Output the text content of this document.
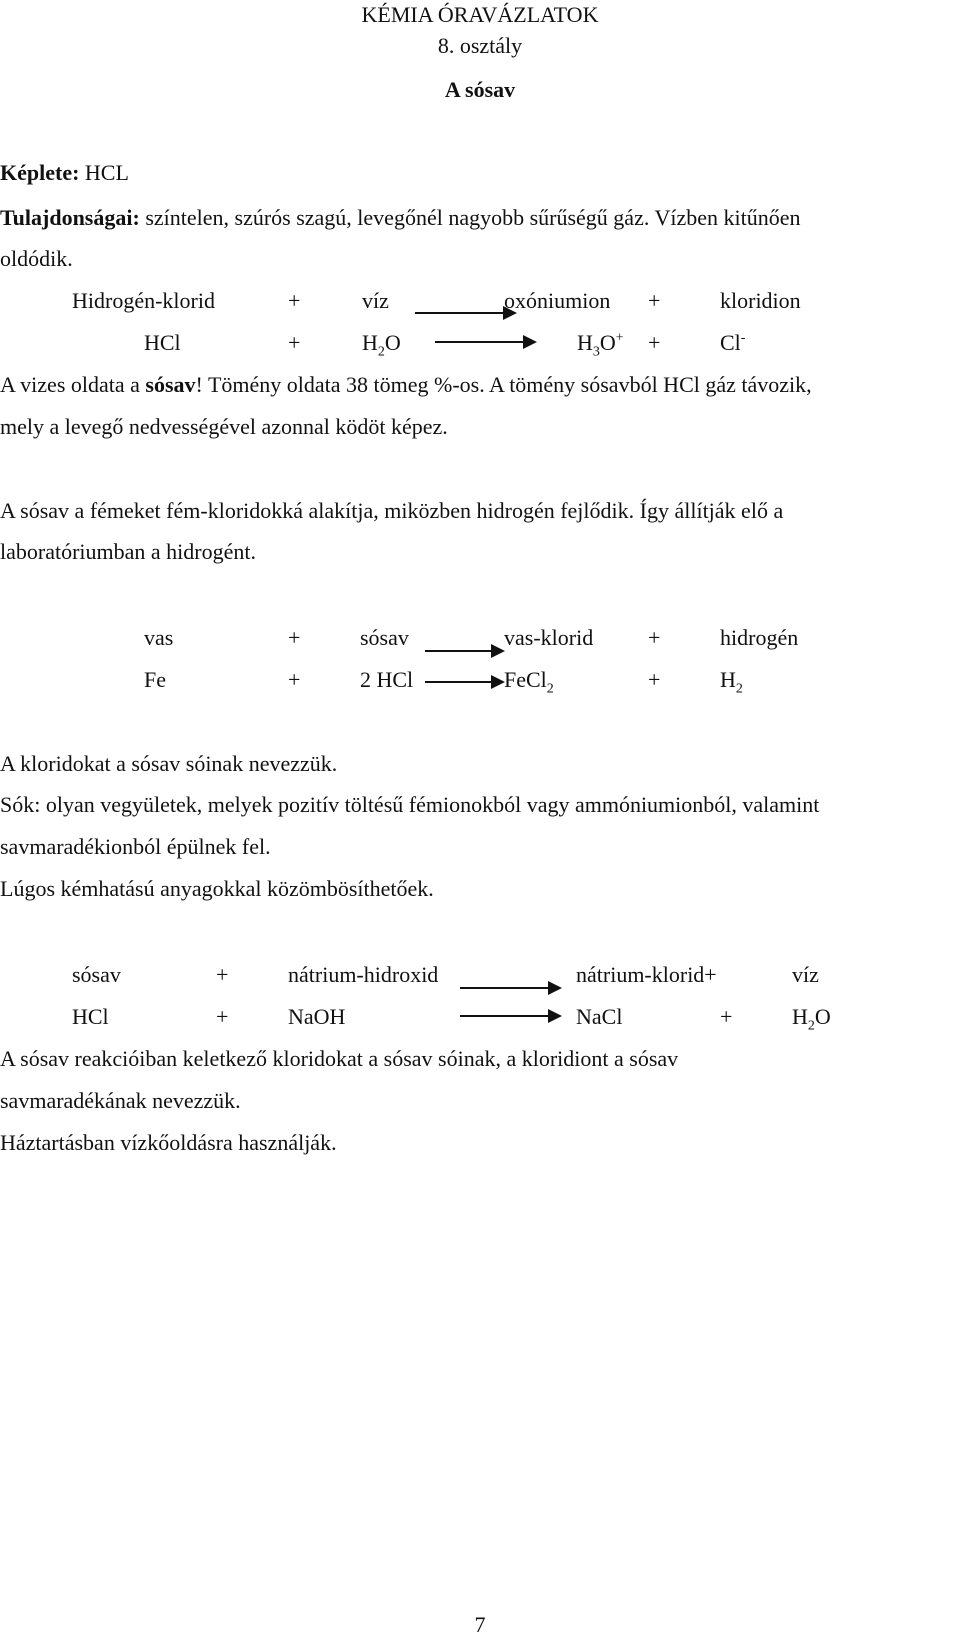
KÉMIA ÓRAVÁZLATOK
8. osztály
A sósav
Képlete: HCL
Tulajdonságai: színtelen, szúrós szagú, levegőnél nagyobb sűrűségű gáz. Vízben kitűnően
oldódik.
Hidrogén-klorid	+	víz	oxóniumion +	kloridion
HCl	+	$H_2O$	$H_3O^+$ +	Cl-
A vizes oldata a sósav! Tömény oldata 38 tömeg %-os. A tömény sósavból HCl gáz távozik,
mely a levegő nedvességével azonnal ködöt képez.
A sósav a fémeket fém-kloridokká alakítja, miközben hidrogén fejlődik. Így állítják elő a
laboratóriumban a hidrogént.
vas	+	sósav	vas-klorid +	hidrogén
Fe	+	2 HCl	FeCl$_2$	+	$H_2$
A kloridokat a sósav sóinak nevezzük.
Sók: olyan vegyületek, melyek pozitív töltésű fémionokból vagy ammóniumionból, valamint
savmaradékionból épülnek fel.
Lúgos kémhatású anyagokkal közömbösíthetőek.
sósav	+	nátrium-hidroxid	nátrium-klorid+	víz
HCl	+	NaOH	NaCl	+	$H_2O$
A sósav reakcióiban keletkező kloridokat a sósav sóinak, a kloridiont a sósav
savmaradékának nevezzük.
Háztartásban vízkőoldásra használják.
7
